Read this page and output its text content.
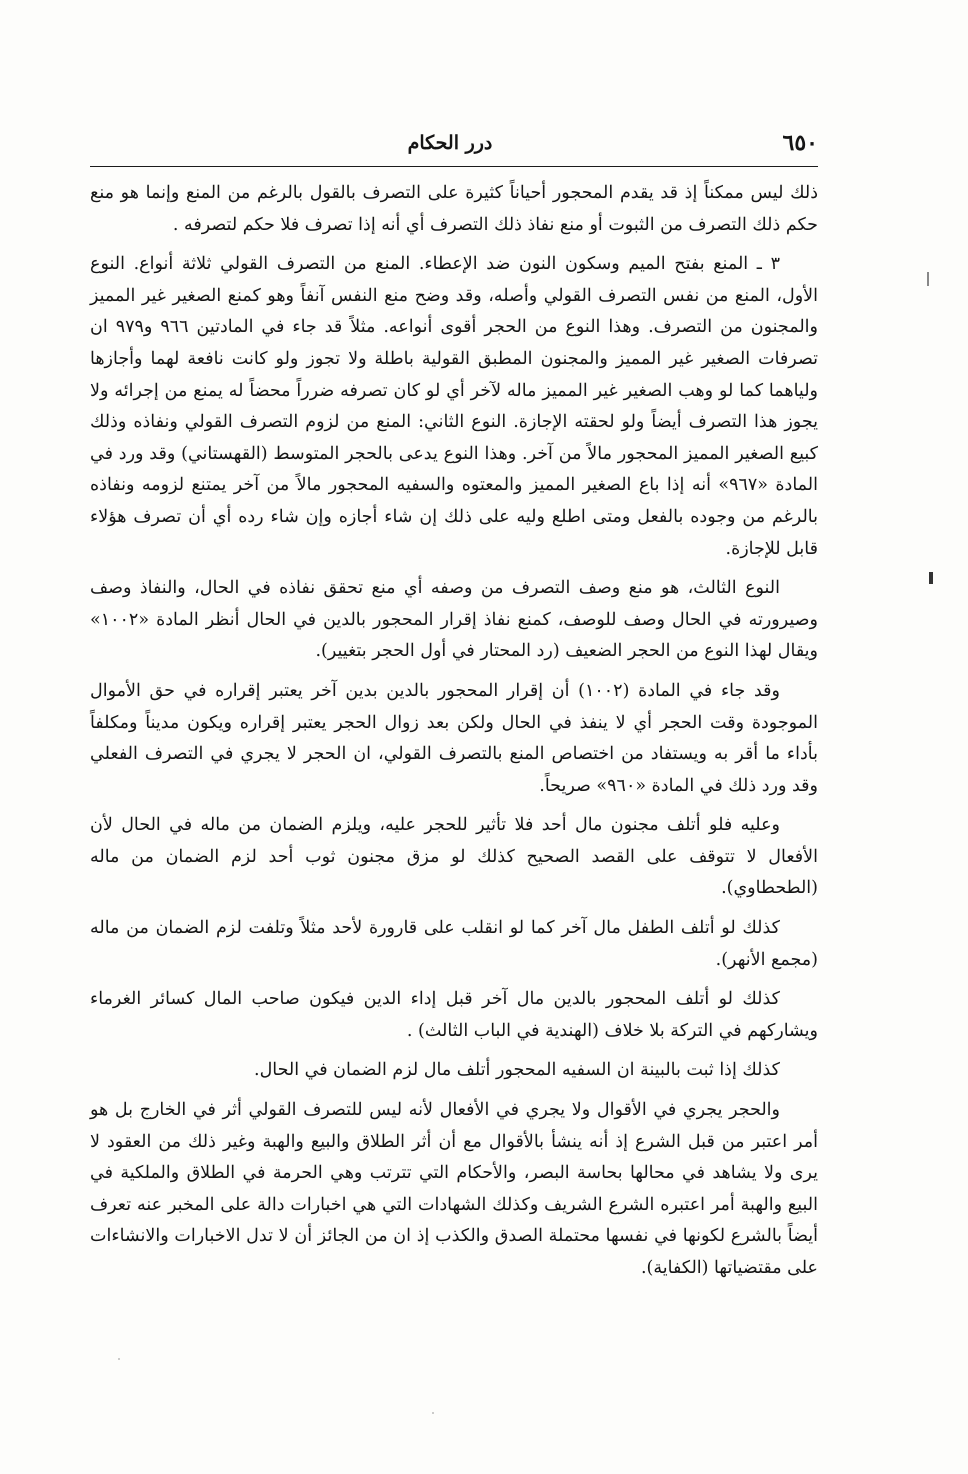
٦٥٠
درر الحكام

ذلك ليس ممكناً إذ قد يقدم المحجور أحياناً كثيرة على التصرف بالقول بالرغم من المنع وإنما هو منع حكم ذلك التصرف من الثبوت أو منع نفاذ ذلك التصرف أي أنه إذا تصرف فلا حكم لتصرفه .

٣ ـ المنع بفتح الميم وسكون النون ضد الإعطاء. المنع من التصرف القولي ثلاثة أنواع. النوع الأول، المنع من نفس التصرف القولي وأصله، وقد وضح منع النفس آنفاً وهو كمنع الصغير غير المميز والمجنون من التصرف. وهذا النوع من الحجر أقوى أنواعه. مثلاً قد جاء في المادتين ٩٦٦ و٩٧٩ ان تصرفات الصغير غير المميز والمجنون المطبق القولية باطلة ولا تجوز ولو كانت نافعة لهما وأجازها ولياهما كما لو وهب الصغير غير المميز ماله لآخر أي لو كان تصرفه ضرراً محضاً له يمنع من إجرائه ولا يجوز هذا التصرف أيضاً ولو لحقته الإجازة. النوع الثاني: المنع من لزوم التصرف القولي ونفاذه وذلك كبيع الصغير المميز المحجور مالاً من آخر. وهذا النوع يدعى بالحجر المتوسط (القهستاني) وقد ورد في المادة «٩٦٧» أنه إذا باع الصغير المميز والمعتوه والسفيه المحجور مالاً من آخر يمتنع لزومه ونفاذه بالرغم من وجوده بالفعل ومتى اطلع وليه على ذلك إن شاء أجازه وإن شاء رده أي أن تصرف هؤلاء قابل للإجازة.

النوع الثالث، هو منع وصف التصرف من وصفه أي منع تحقق نفاذه في الحال، والنفاذ وصف وصيرورته في الحال وصف للوصف، كمنع نفاذ إقرار المحجور بالدين في الحال أنظر المادة «١٠٠٢» ويقال لهذا النوع من الحجر الضعيف (رد المحتار في أول الحجر بتغيير).

وقد جاء في المادة (١٠٠٢) أن إقرار المحجور بالدين بدين آخر يعتبر إقراره في حق الأموال الموجودة وقت الحجر أي لا ينفذ في الحال ولكن بعد زوال الحجر يعتبر إقراره ويكون مديناً ومكلفاً بأداء ما أقر به ويستفاد من اختصاص المنع بالتصرف القولي، ان الحجر لا يجري في التصرف الفعلي وقد ورد ذلك في المادة «٩٦٠» صريحاً.

وعليه فلو أتلف مجنون مال أحد فلا تأثير للحجر عليه، ويلزم الضمان من ماله في الحال لأن الأفعال لا تتوقف على القصد الصحيح كذلك لو مزق مجنون ثوب أحد لزم الضمان من ماله (الطحطاوي).

كذلك لو أتلف الطفل مال آخر كما لو انقلب على قارورة لأحد مثلاً وتلفت لزم الضمان من ماله (مجمع الأنهر).

كذلك لو أتلف المحجور بالدين مال آخر قبل إداء الدين فيكون صاحب المال كسائر الغرماء ويشاركهم في التركة بلا خلاف (الهندية في الباب الثالث) .

كذلك إذا ثبت بالبينة ان السفيه المحجور أتلف مال لزم الضمان في الحال.

والحجر يجري في الأقوال ولا يجري في الأفعال لأنه ليس للتصرف القولي أثر في الخارج بل هو أمر اعتبر من قبل الشرع إذ أنه ينشأ بالأقوال مع أن أثر الطلاق والبيع والهبة وغير ذلك من العقود لا يرى ولا يشاهد في محالها بحاسة البصر، والأحكام التي تترتب وهي الحرمة في الطلاق والملكية في البيع والهبة أمر اعتبره الشرع الشريف وكذلك الشهادات التي هي اخبارات دالة على المخبر عنه تعرف أيضاً بالشرع لكونها في نفسها محتملة الصدق والكذب إذ ان من الجائز أن لا تدل الاخبارات والانشاءات على مقتضياتها (الكفاية).
